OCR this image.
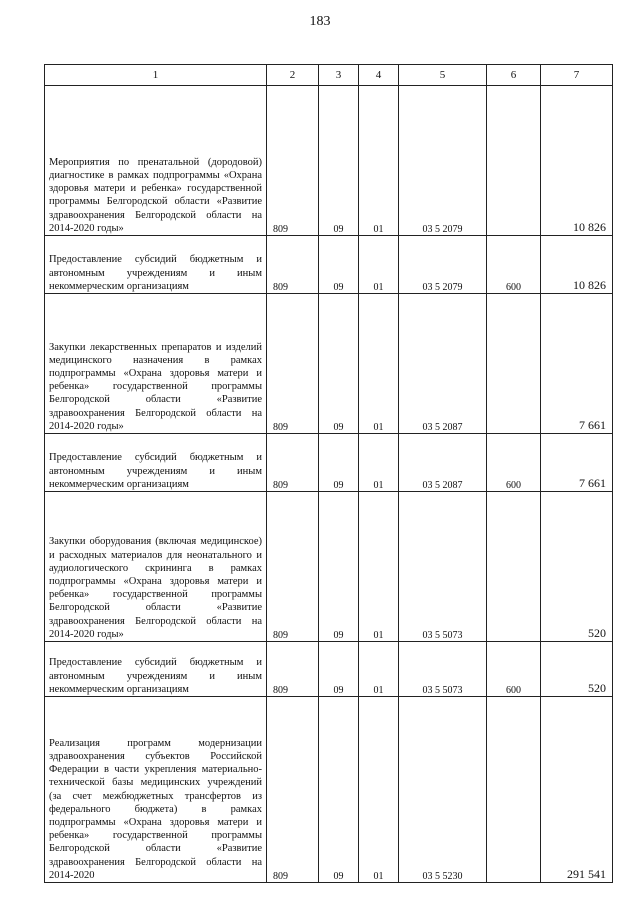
183
1	2	3	4	5	6	7
Мероприятия по пренатальной (дородовой) диагностике в рамках подпрограммы «Охрана здоровья матери и ребенка» государственной программы Белгородской области «Развитие здравоохранения Белгородской области на 2014-2020 годы»	809	09	01	03 5 2079		10 826
Предоставление субсидий бюджетным и автономным учреждениям и иным некоммерческим организациям	809	09	01	03 5 2079	600	10 826
Закупки лекарственных препаратов и изделий медицинского назначения в рамках подпрограммы «Охрана здоровья матери и ребенка» государственной программы Белгородской области «Развитие здравоохранения Белгородской области на 2014-2020 годы»	809	09	01	03 5 2087		7 661
Предоставление субсидий бюджетным и автономным учреждениям и иным некоммерческим организациям	809	09	01	03 5 2087	600	7 661
Закупки оборудования (включая медицинское) и расходных материалов для неонатального и аудиологического скрининга в рамках подпрограммы «Охрана здоровья матери и ребенка» государственной программы Белгородской области «Развитие здравоохранения Белгородской области на 2014-2020 годы»	809	09	01	03 5 5073		520
Предоставление субсидий бюджетным и автономным учреждениям и иным некоммерческим организациям	809	09	01	03 5 5073	600	520
Реализация программ модернизации здравоохранения субъектов Российской Федерации в части укрепления материально-технической базы медицинских учреждений (за счет межбюджетных трансфертов из федерального бюджета) в рамках подпрограммы «Охрана здоровья матери и ребенка» государственной программы Белгородской области «Развитие здравоохранения Белгородской области на 2014-2020	809	09	01	03 5 5230		291 541
